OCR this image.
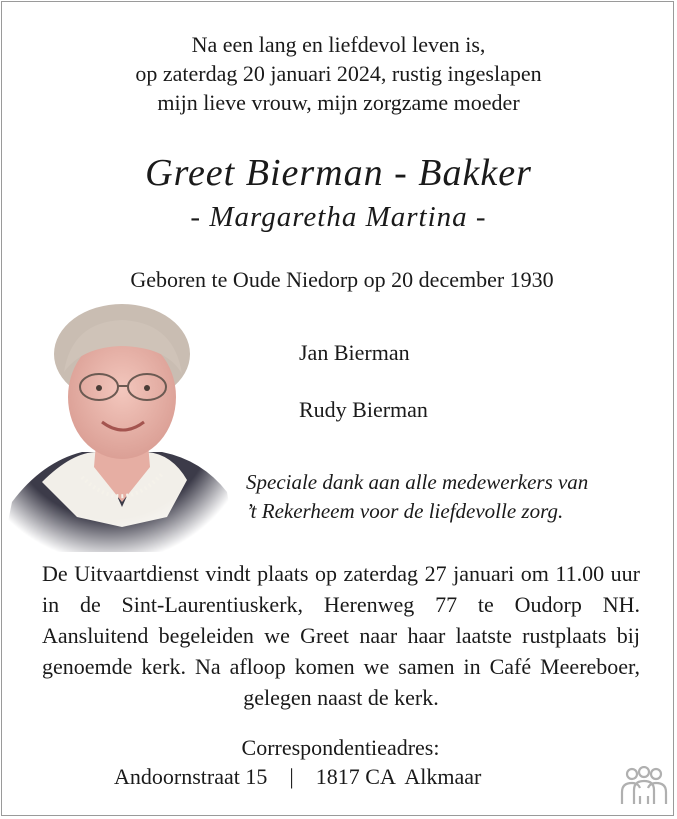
Na een lang en liefdevol leven is,
op zaterdag 20 januari 2024, rustig ingeslapen
mijn lieve vrouw, mijn zorgzame moeder
Greet Bierman - Bakker
- Margaretha Martina -
Geboren te Oude Niedorp op 20 december 1930
Jan Bierman
Rudy Bierman
Speciale dank aan alle medewerkers van
’t Rekerheem voor de liefdevolle zorg.
De Uitvaartdienst vindt plaats op zaterdag 27 januari om 11.00 uur in de Sint-Laurentiuskerk, Herenweg 77 te Oudorp NH. Aansluitend begeleiden we Greet naar haar laatste rustplaats bij genoemde kerk. Na afloop komen we samen in Café Meereboer, gelegen naast de kerk.
Correspondentieadres:
Andoornstraat 15 | 1817 CA  Alkmaar
